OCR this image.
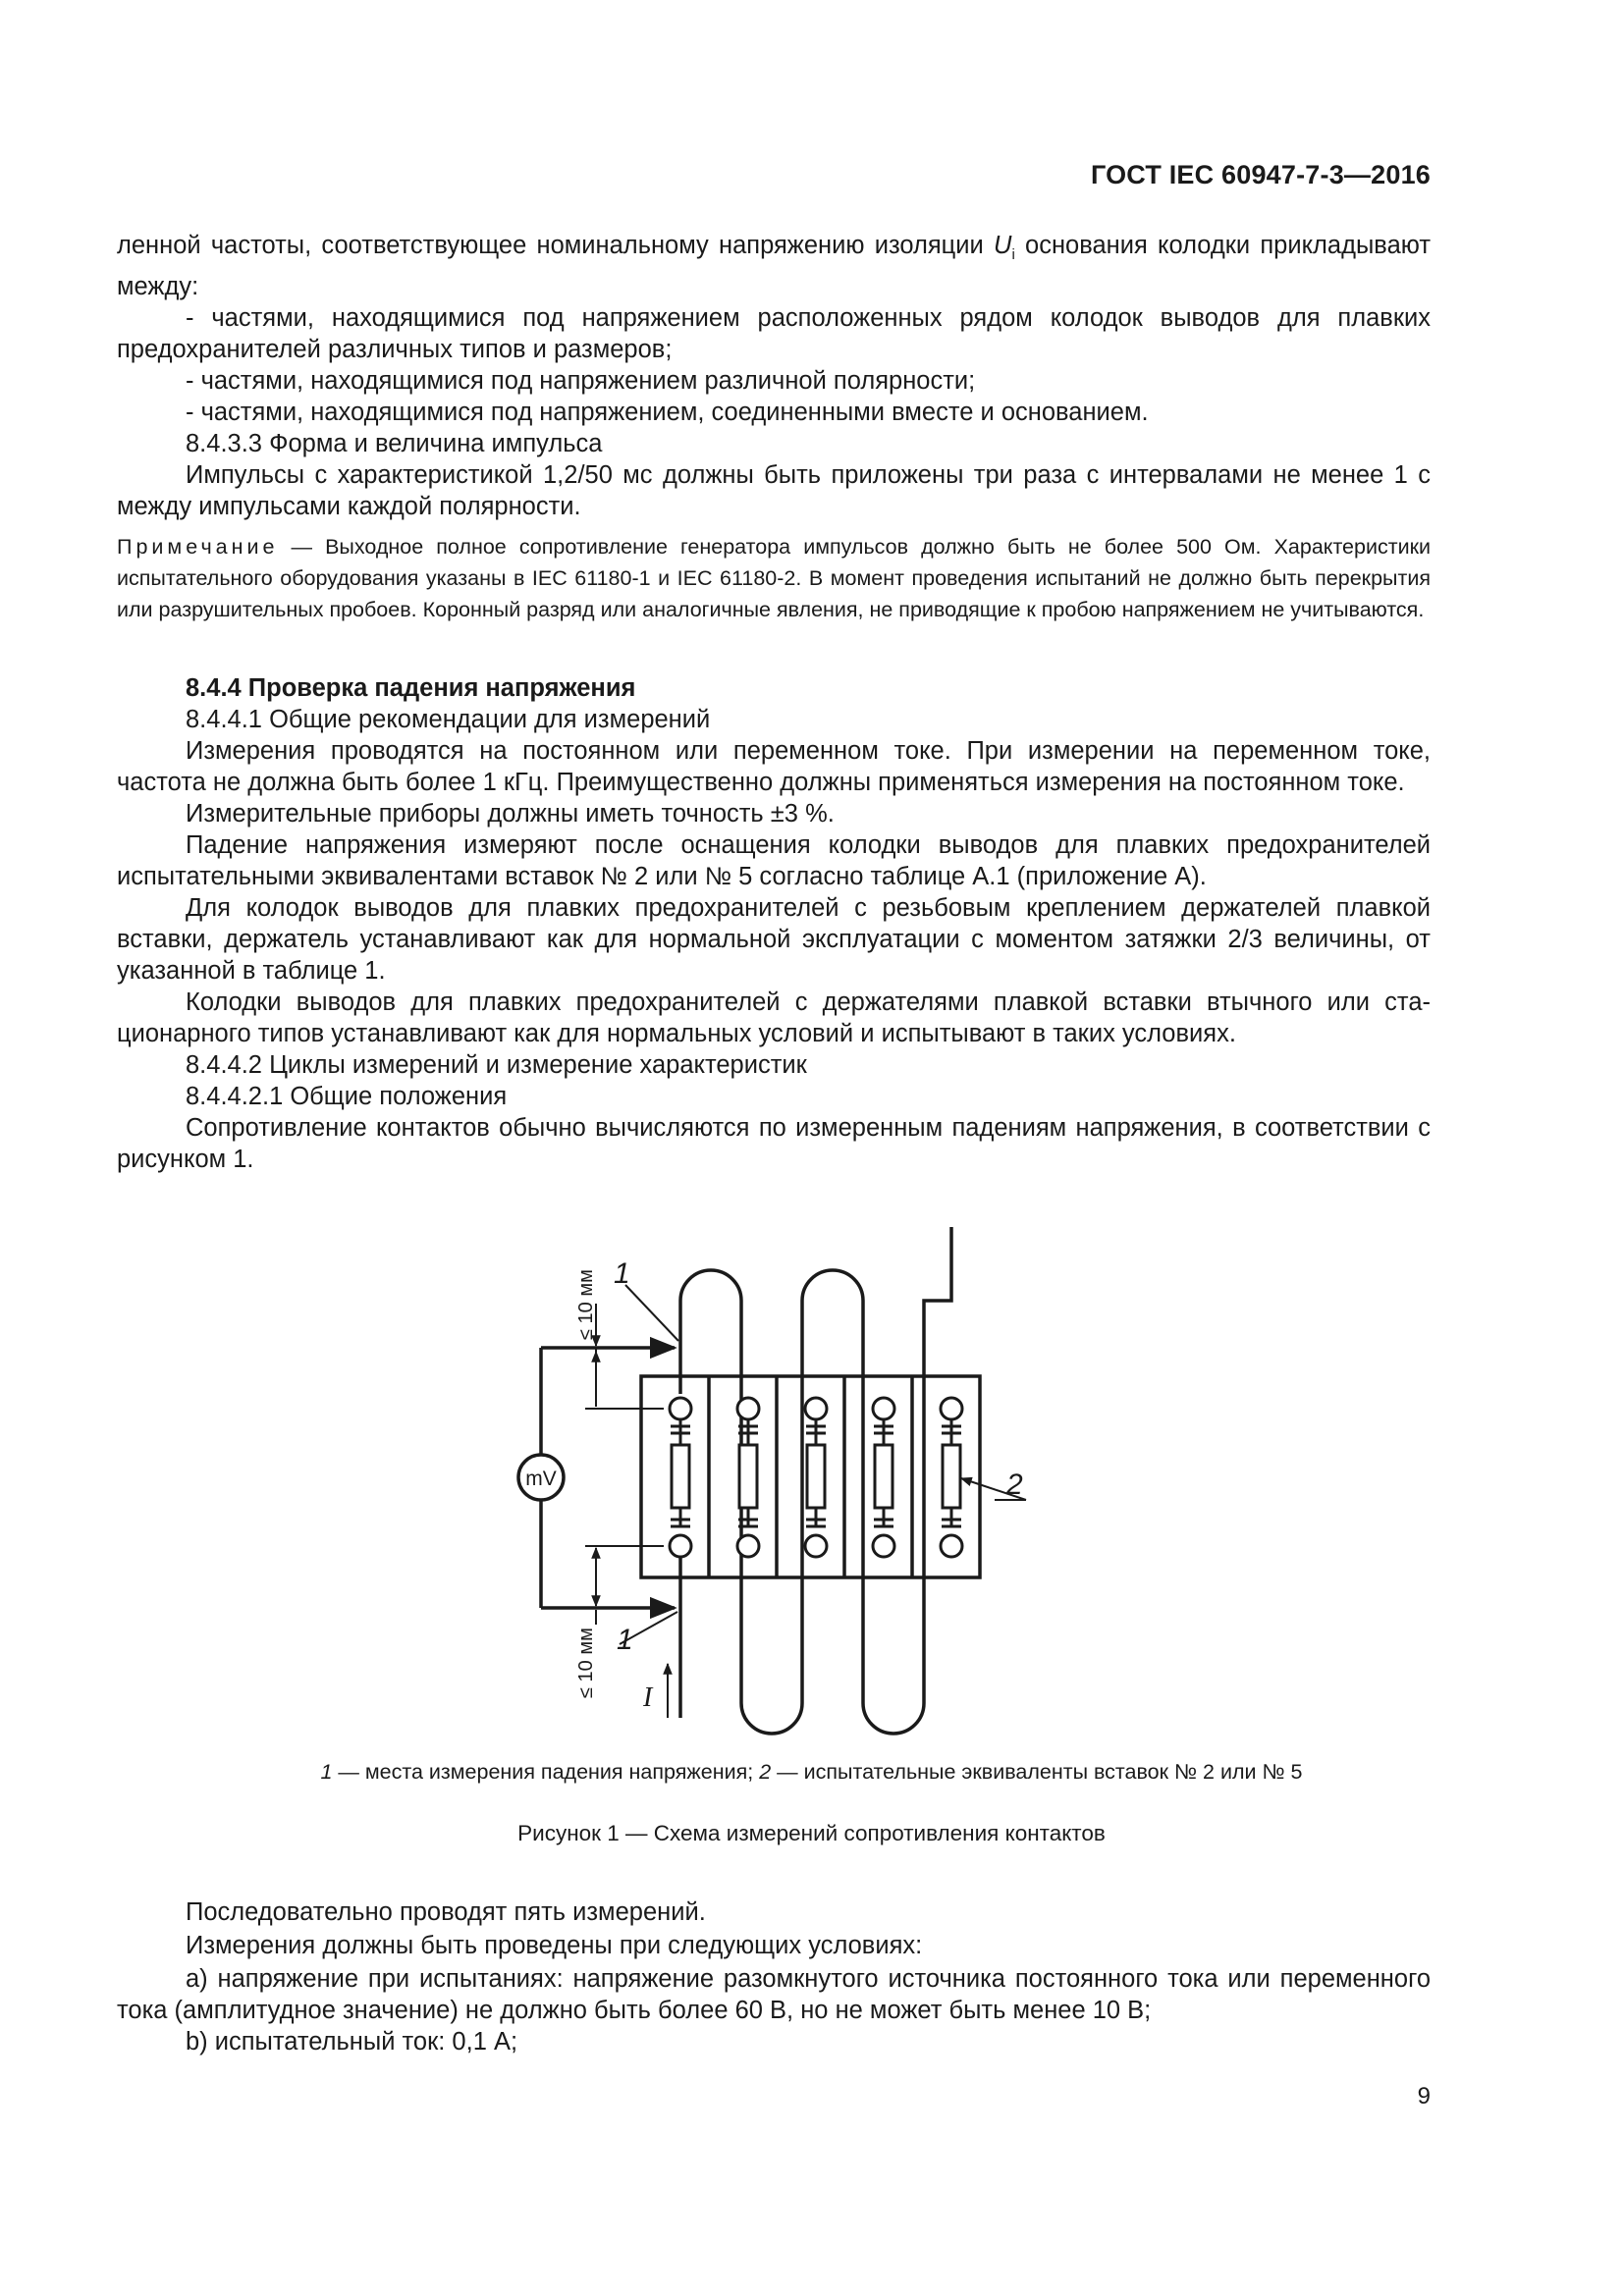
ГОСТ IEC 60947-7-3—2016

ленной частоты, соответствующее номинальному напряжению изоляции $U_i$ основания колодки прикладывают между:

- частями, находящимися под напряжением расположенных рядом колодок выводов для плавких предохранителей различных типов и размеров;

- частями, находящимися под напряжением различной полярности;

- частями, находящимися под напряжением, соединенными вместе и основанием.

8.4.3.3 Форма и величина импульса

Импульсы с характеристикой 1,2/50 мс должны быть приложены три раза с интервалами не менее 1 с между импульсами каждой полярности.

Примечание — Выходное полное сопротивление генератора импульсов должно быть не более 500 Ом. Характеристики испытательного оборудования указаны в IEC 61180-1 и IEC 61180-2. В момент проведения испытаний не должно быть перекрытия или разрушительных пробоев. Коронный разряд или аналогичные явления, не приводящие к пробою напряжением не учитываются.

8.4.4 Проверка падения напряжения

8.4.4.1 Общие рекомендации для измерений

Измерения проводятся на постоянном или переменном токе. При измерении на переменном токе, частота не должна быть более 1 кГц. Преимущественно должны применяться измерения на постоянном токе.

Измерительные приборы должны иметь точность ±3 %.

Падение напряжения измеряют после оснащения колодки выводов для плавких предохранителей испытательными эквивалентами вставок № 2 или № 5 согласно таблице А.1 (приложение А).

Для колодок выводов для плавких предохранителей с резьбовым креплением держателей плавкой вставки, держатель устанавливают как для нормальной эксплуатации с моментом затяжки 2/3 величины, от указанной в таблице 1.

Колодки выводов для плавких предохранителей с держателями плавкой вставки втычного или стационарного типов устанавливают как для нормальных условий и испытывают в таких условиях.

8.4.4.2 Циклы измерений и измерение характеристик

8.4.4.2.1 Общие положения

Сопротивление контактов обычно вычисляются по измеренным падениям напряжения, в соответствии с рисунком 1.

mV
≤ 10 мм
≤ 10 мм
1
1
2
I
1 — места измерения падения напряжения; 2 — испытательные эквиваленты вставок № 2 или № 5
Рисунок 1 — Схема измерений сопротивления контактов

Последовательно проводят пять измерений.

Измерения должны быть проведены при следующих условиях:

a) напряжение при испытаниях: напряжение разомкнутого источника постоянного тока или переменного тока (амплитудное значение) не должно быть более 60 В, но не может быть менее 10 В;

b) испытательный ток: 0,1 А;

9
